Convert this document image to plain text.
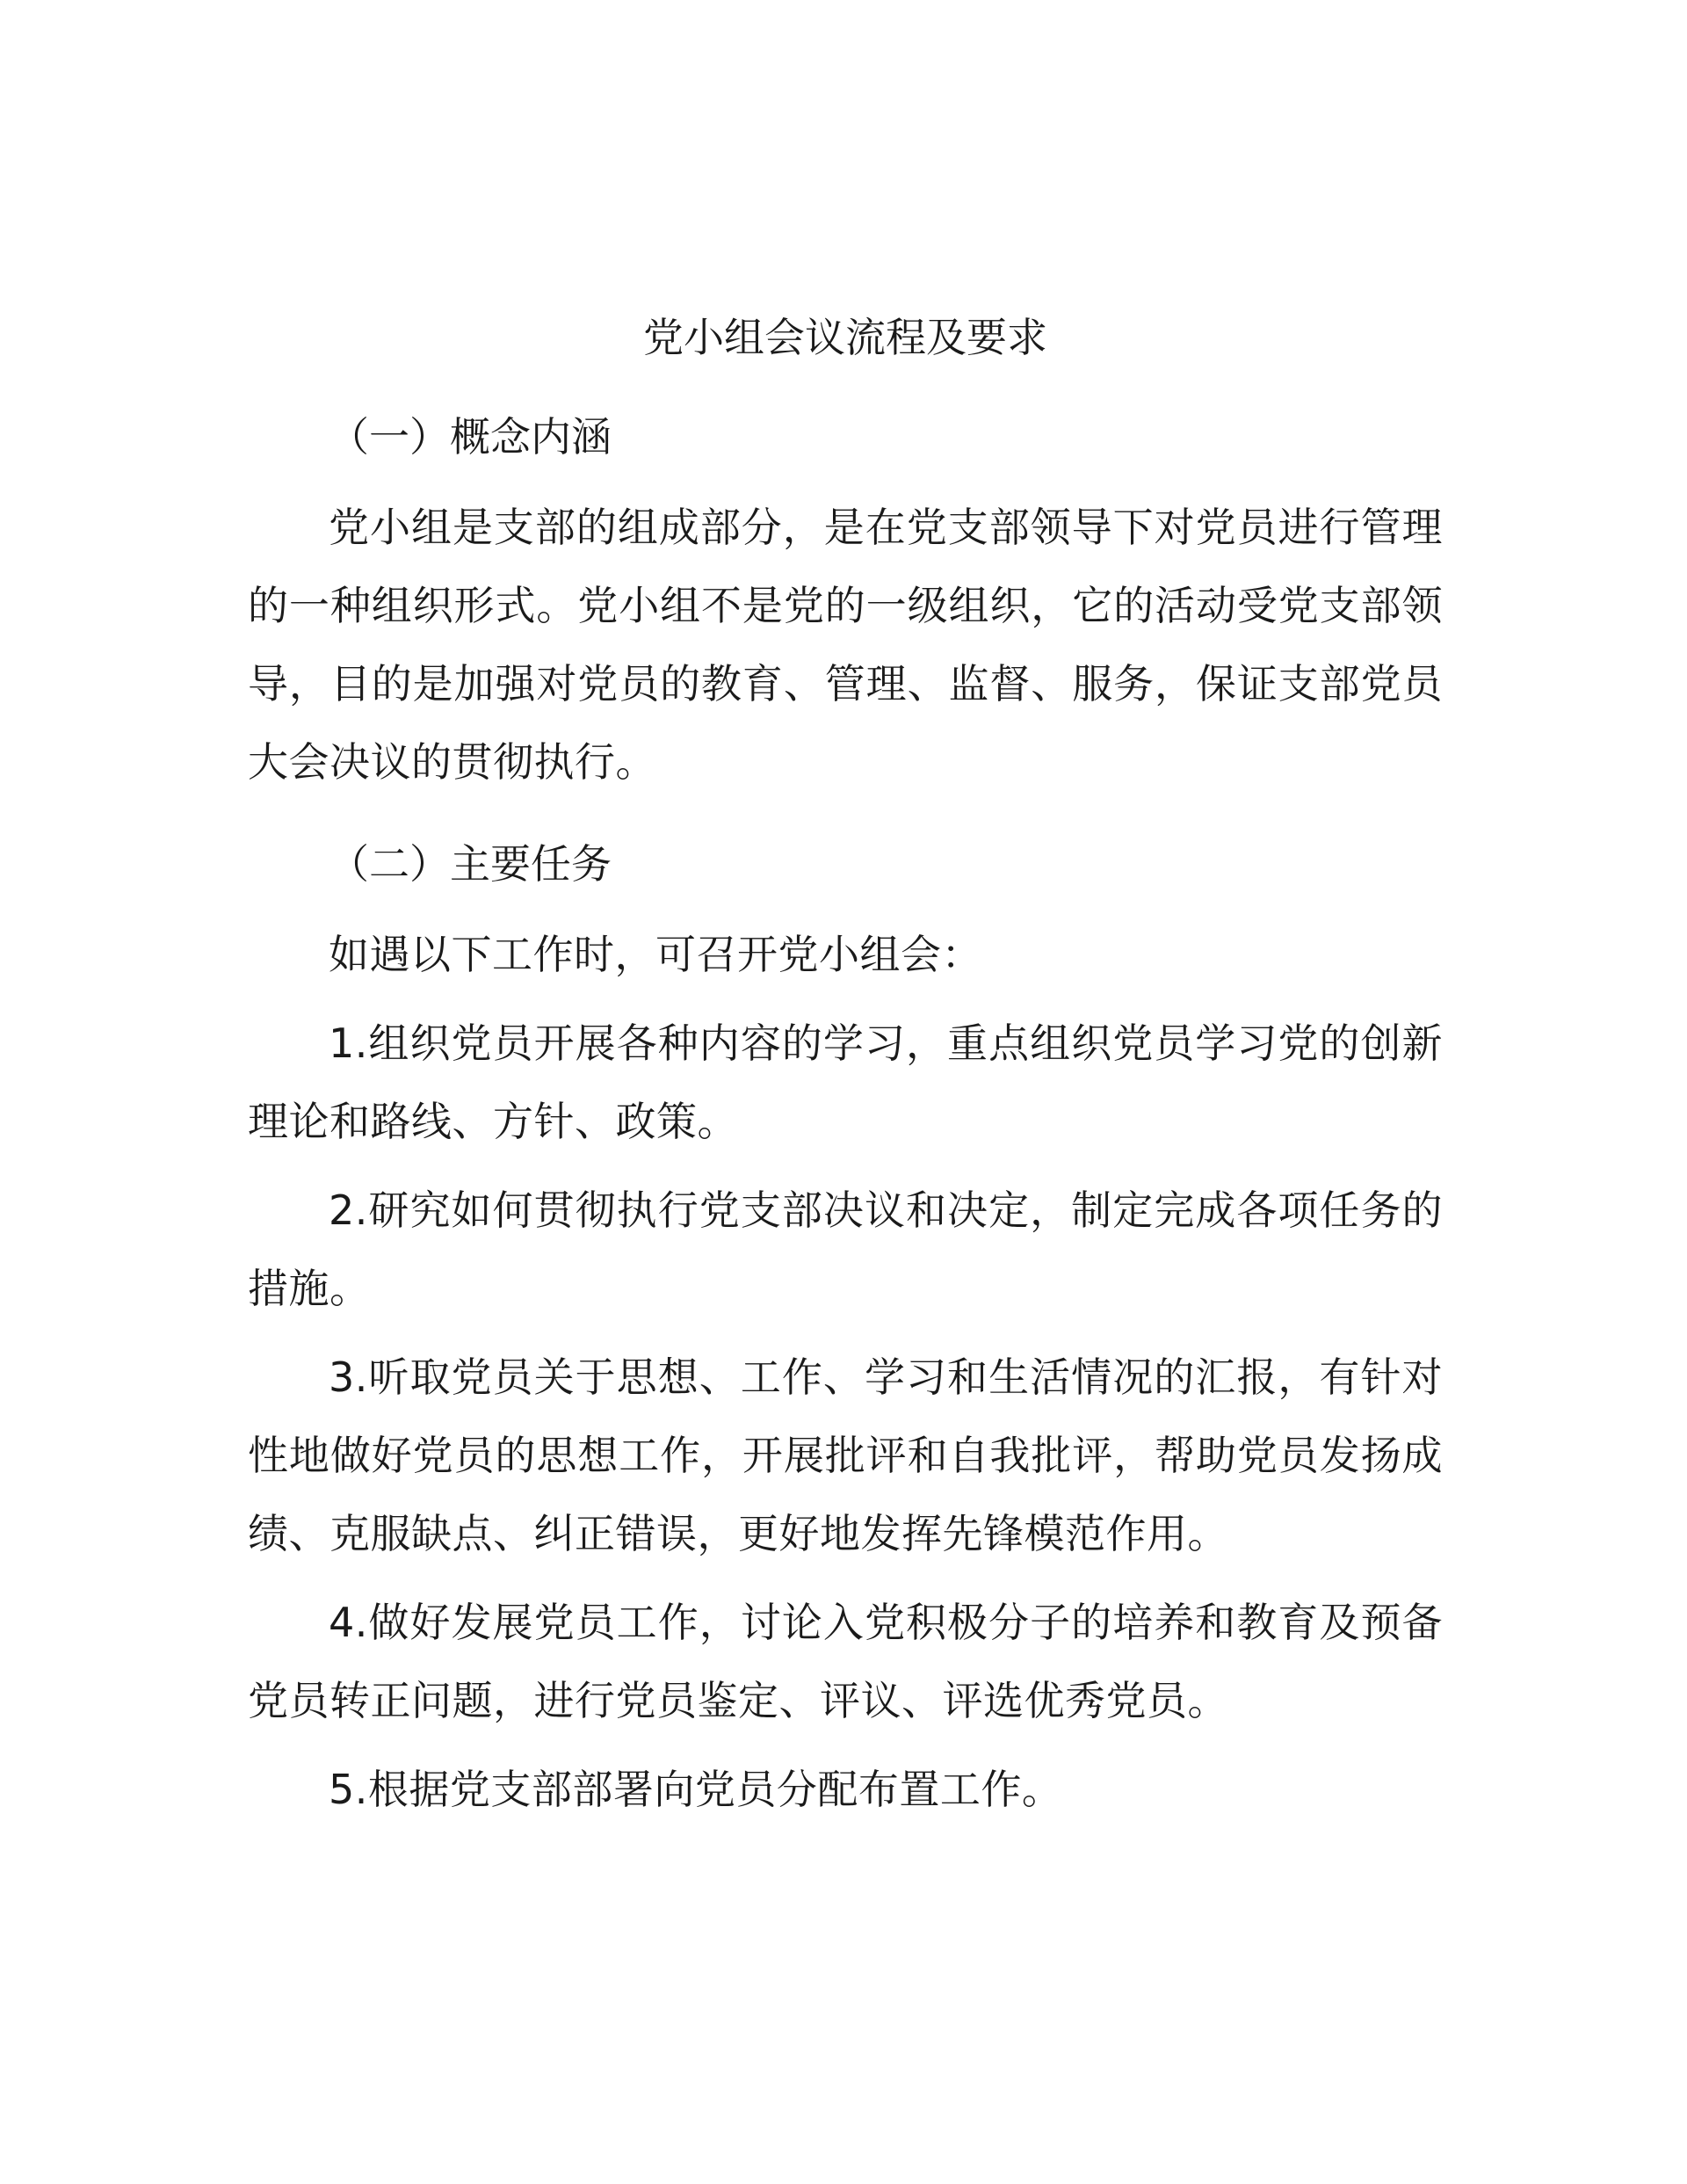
党小组会议流程及要求
（一）概念内涵

党小组是支部的组成部分，是在党支部领导下对党员进行管理的一种组织形式。党小组不是党的一级组织，它的活动受党支部领导，目的是加强对党员的教育、管理、监督、服务，保证支部党员大会决议的贯彻执行。

（二）主要任务

如遇以下工作时，可召开党小组会：

1.组织党员开展各种内容的学习，重点组织党员学习党的创新理论和路线、方针、政策。

2.研究如何贯彻执行党支部决议和决定，制定完成各项任务的措施。

3.听取党员关于思想、工作、学习和生活情况的汇报，有针对性地做好党员的思想工作，开展批评和自我批评，帮助党员发扬成绩、克服缺点、纠正错误，更好地发挥先锋模范作用。

4.做好发展党员工作，讨论入党积极分子的培养和教育及预备党员转正问题，进行党员鉴定、评议、评选优秀党员。

5.根据党支部部署向党员分配布置工作。
